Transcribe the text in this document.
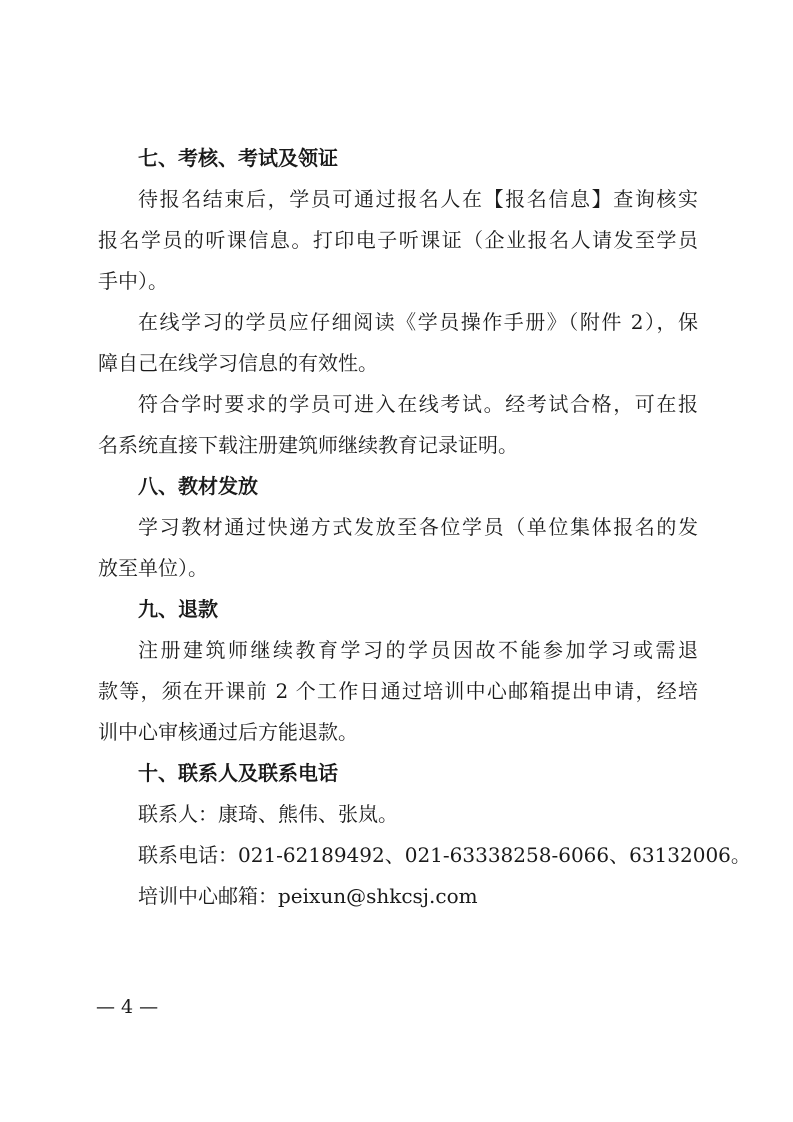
七、考核、考试及领证
待报名结束后，学员可通过报名人在【报名信息】查询核实
报名学员的听课信息。打印电子听课证（企业报名人请发至学员
手中）。
在线学习的学员应仔细阅读《学员操作手册》（附件 2），保
障自己在线学习信息的有效性。
符合学时要求的学员可进入在线考试。经考试合格，可在报
名系统直接下载注册建筑师继续教育记录证明。
八、教材发放
学习教材通过快递方式发放至各位学员（单位集体报名的发
放至单位）。
九、退款
注册建筑师继续教育学习的学员因故不能参加学习或需退
款等，须在开课前 2 个工作日通过培训中心邮箱提出申请，经培
训中心审核通过后方能退款。
十、联系人及联系电话
联系人：康琦、熊伟、张岚。
联系电话：021-62189492、021-63338258-6066、63132006。
培训中心邮箱：peixun@shkcsj.com
— 4 —
